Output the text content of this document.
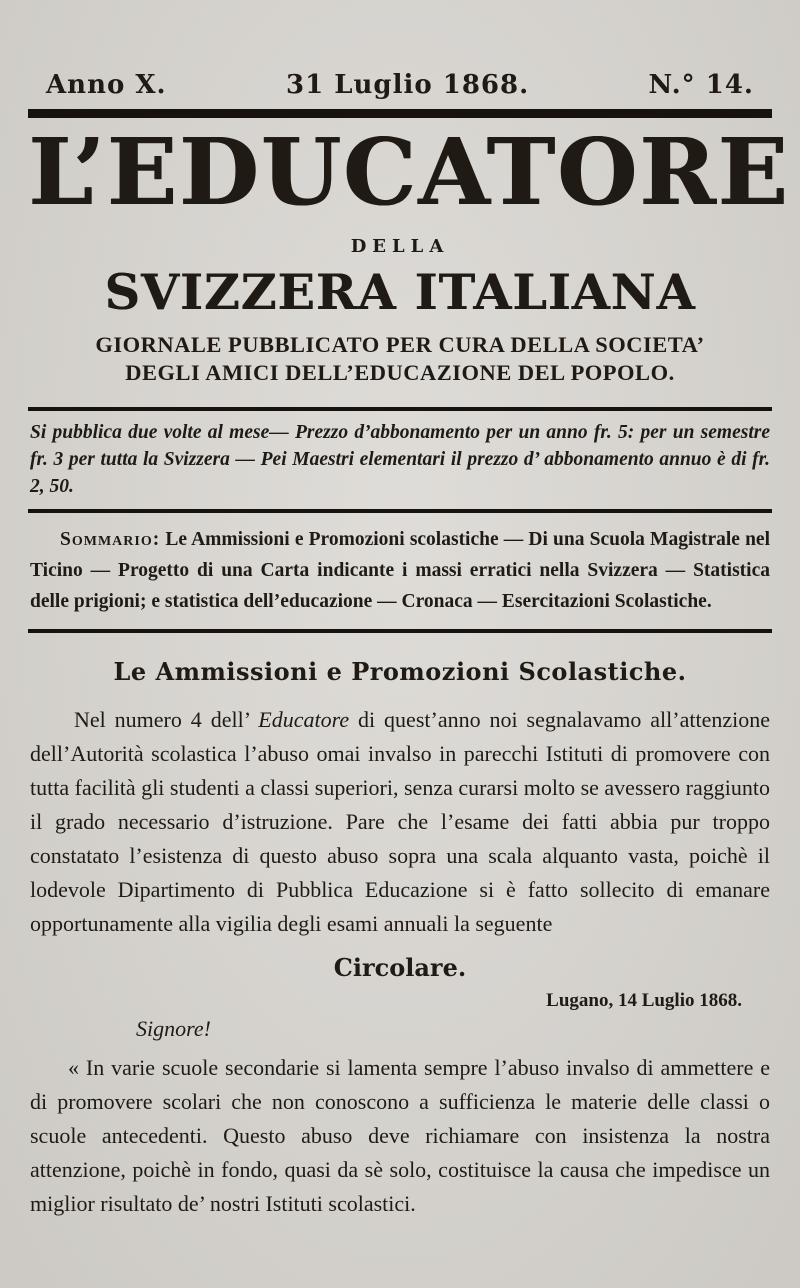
Anno X.	31 Luglio 1868.	N.° 14.
L’EDUCATORE
DELLA
SVIZZERA ITALIANA
GIORNALE PUBBLICATO PER CURA DELLA SOCIETA’
DEGLI AMICI DELL’EDUCAZIONE DEL POPOLO.
Si pubblica due volte al mese— Prezzo d’abbonamento per un anno fr. 5: per un semestre fr. 3 per tutta la Svizzera — Pei Maestri elementari il prezzo d’ abbonamento annuo è di fr. 2, 50.
Sommario: Le Ammissioni e Promozioni scolastiche — Di una Scuola Magistrale nel Ticino — Progetto di una Carta indicante i massi erratici nella Svizzera — Statistica delle prigioni; e statistica dell’educazione — Cronaca — Esercitazioni Scolastiche.
Le Ammissioni e Promozioni Scolastiche.

Nel numero 4 dell’ Educatore di quest’anno noi segnalavamo all’attenzione dell’Autorità scolastica l’abuso omai invalso in parecchi Istituti di promovere con tutta facilità gli studenti a classi superiori, senza curarsi molto se avessero raggiunto il grado necessario d’istruzione. Pare che l’esame dei fatti abbia pur troppo constatato l’esistenza di questo abuso sopra una scala alquanto vasta, poichè il lodevole Dipartimento di Pubblica Educazione si è fatto sollecito di emanare opportunamente alla vigilia degli esami annuali la seguente

Circolare.
Lugano, 14 Luglio 1868.
Signore!

« In varie scuole secondarie si lamenta sempre l’abuso invalso di ammettere e di promovere scolari che non conoscono a sufficienza le materie delle classi o scuole antecedenti. Questo abuso deve richiamare con insistenza la nostra attenzione, poichè in fondo, quasi da sè solo, costituisce la causa che impedisce un miglior risultato de’ nostri Istituti scolastici.
